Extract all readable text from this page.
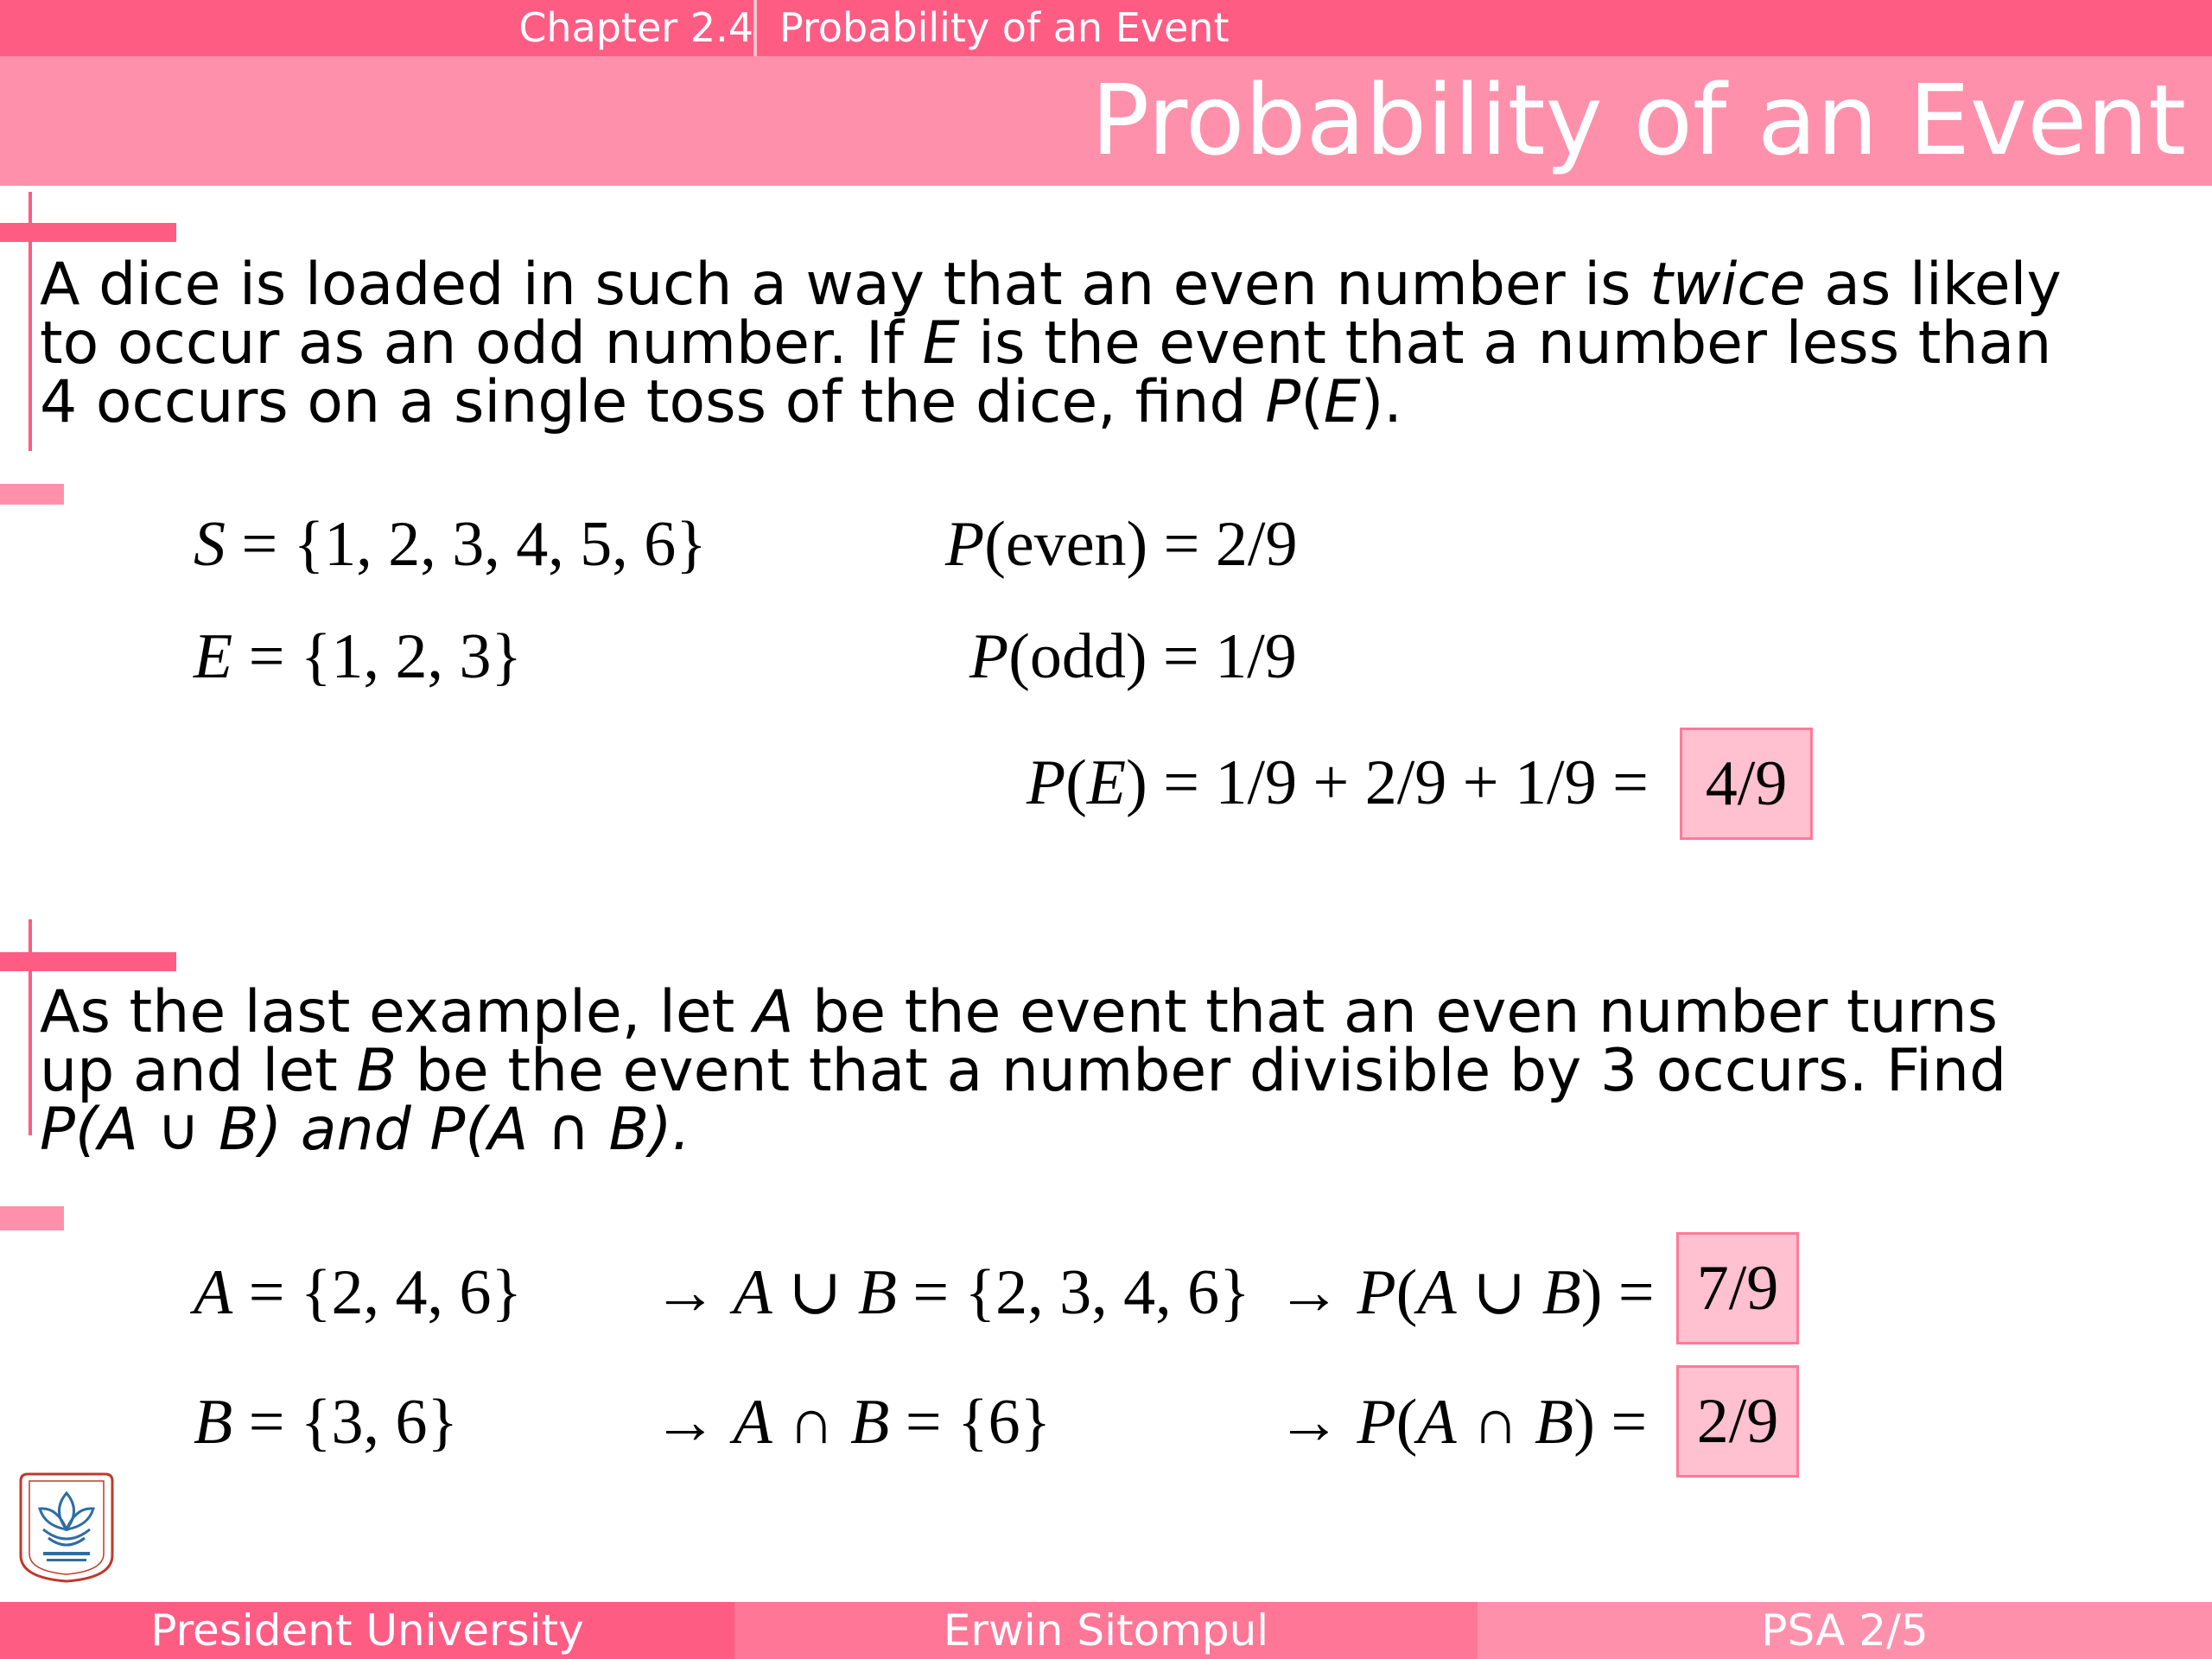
Chapter 2.4 Probability of an Event
Probability of an Event
A dice is loaded in such a way that an even number is twice as likely
to occur as an odd number. If E is the event that a number less than
4 occurs on a single toss of the dice, find P(E).
S = {1, 2, 3, 4, 5, 6}
E = {1, 2, 3}
P(even) = 2/9
P(odd) = 1/9
P(E) = 1/9 + 2/9 + 1/9 = 4/9
As the last example, let A be the event that an even number turns
up and let B be the event that a number divisible by 3 occurs. Find
P(A ∪ B) and P(A ∩ B).
A = {2, 4, 6}
B = {3, 6}
→ A ∪ B = {2, 3, 4, 6}
→ A ∩ B = {6}
→ P(A ∪ B) =
→ P(A ∩ B) =
7/9
2/9
President University	Erwin Sitompul	PSA 2/5
